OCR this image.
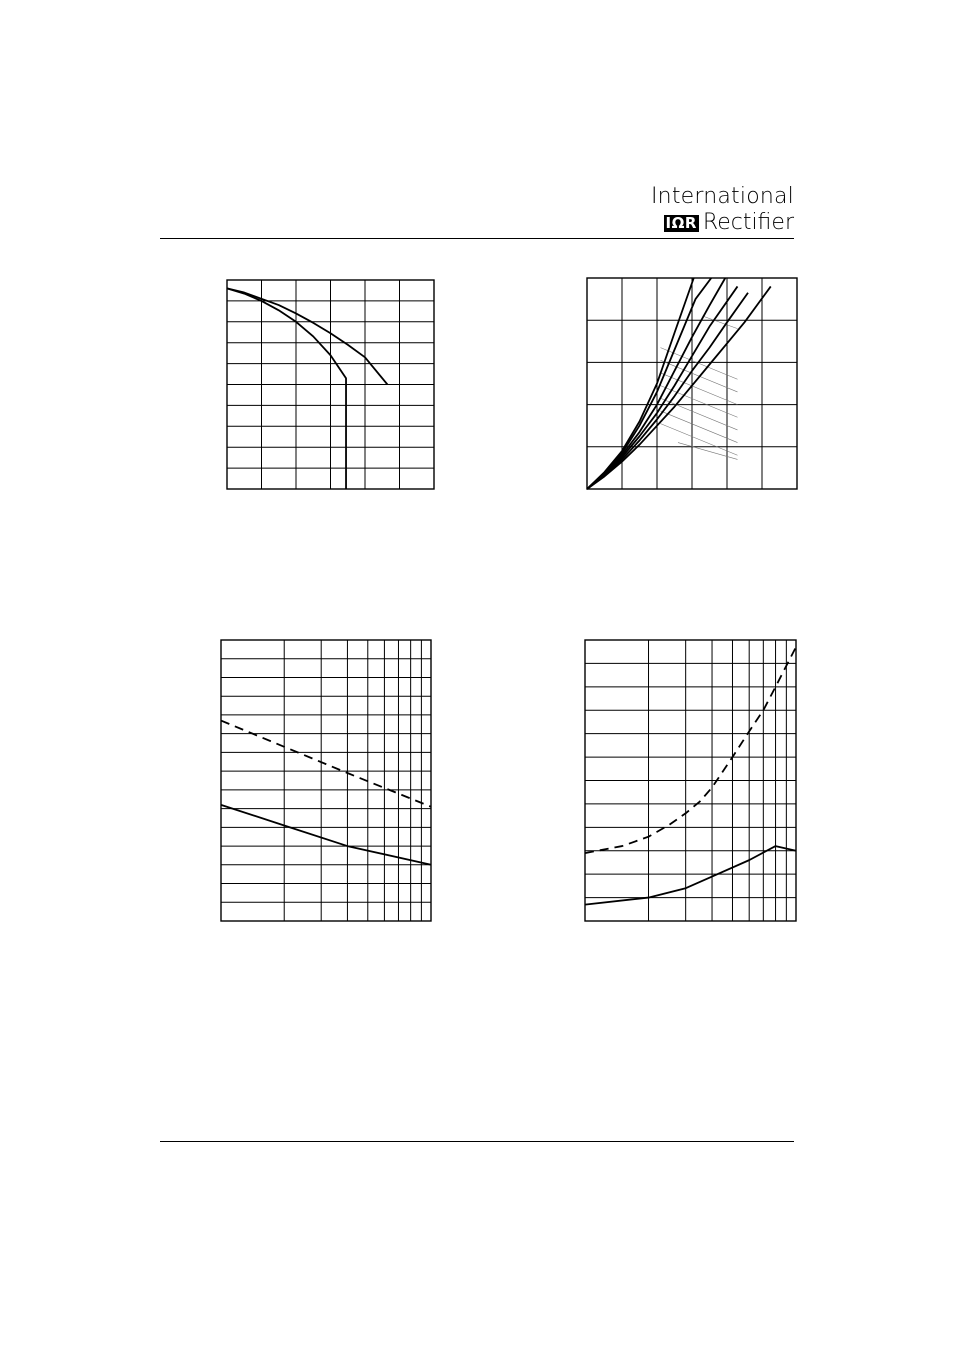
International
IΩR Rectifier
